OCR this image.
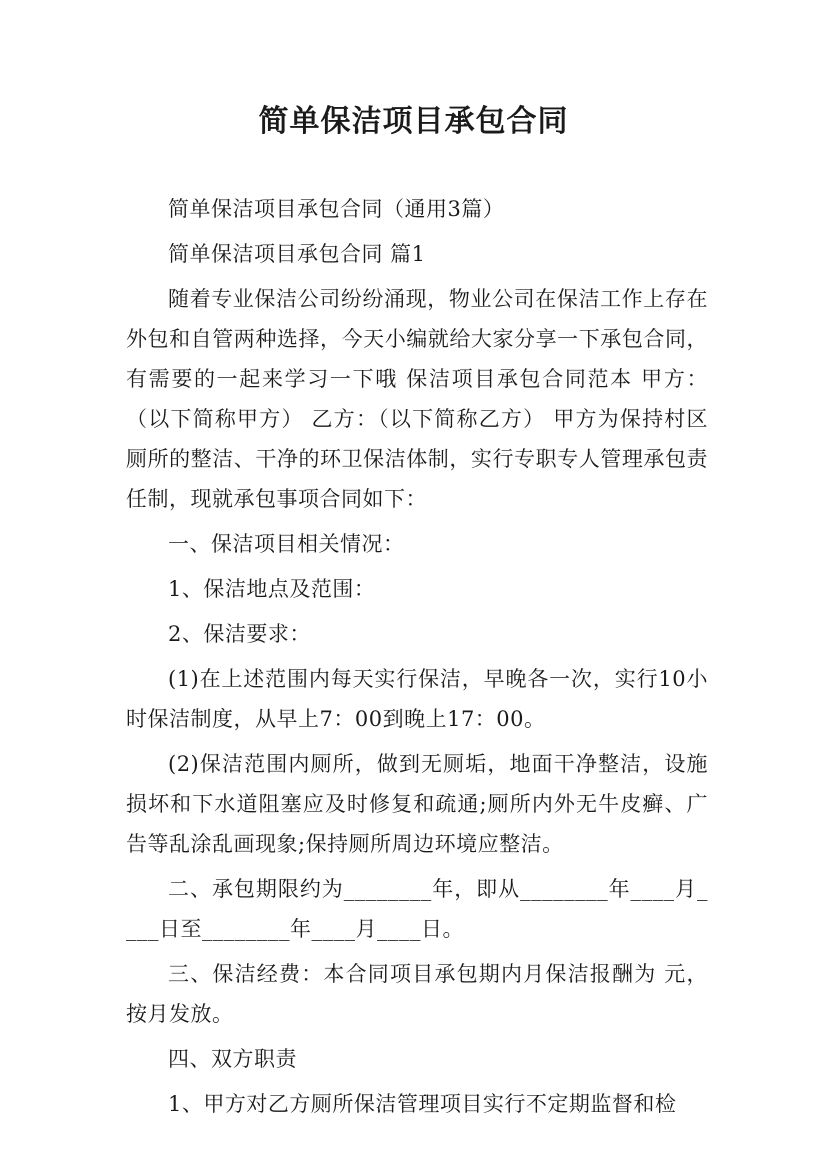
简单保洁项目承包合同

简单保洁项目承包合同（通用3篇）

简单保洁项目承包合同 篇1

随着专业保洁公司纷纷涌现，物业公司在保洁工作上存在外包和自管两种选择，今天小编就给大家分享一下承包合同，有需要的一起来学习一下哦 保洁项目承包合同范本 甲方：（以下简称甲方） 乙方：（以下简称乙方） 甲方为保持村区厕所的整洁、干净的环卫保洁体制，实行专职专人管理承包责任制，现就承包事项合同如下：

一、保洁项目相关情况：

1、保洁地点及范围：

2、保洁要求：

(1)在上述范围内每天实行保洁，早晚各一次，实行10小时保洁制度，从早上7：00到晚上17：00。

(2)保洁范围内厕所，做到无厕垢，地面干净整洁，设施损坏和下水道阻塞应及时修复和疏通;厕所内外无牛皮癣、广告等乱涂乱画现象;保持厕所周边环境应整洁。

二、承包期限约为________年，即从________年____月____日至________年____月____日。

三、保洁经费：本合同项目承包期内月保洁报酬为 元，按月发放。

四、双方职责

1、甲方对乙方厕所保洁管理项目实行不定期监督和检
